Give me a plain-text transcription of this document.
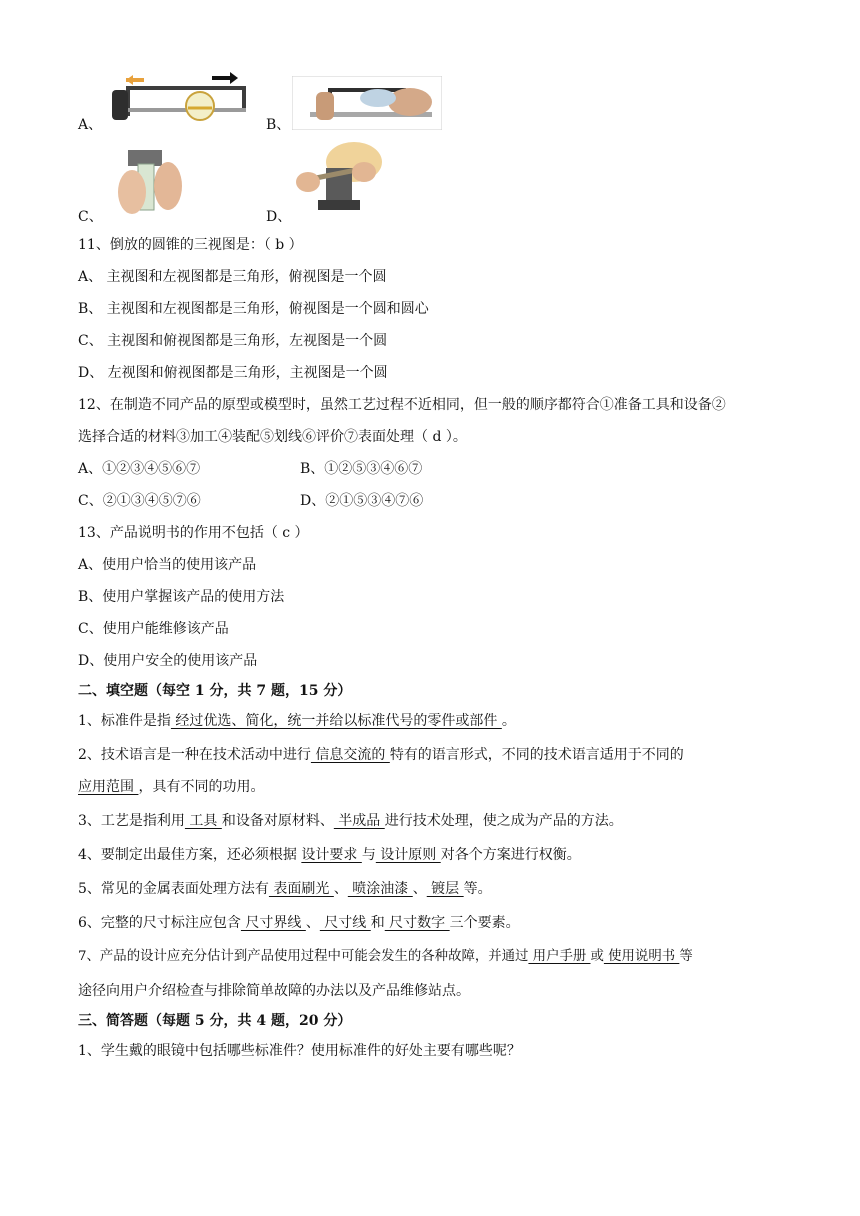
A、	B、
C、	D、
11、倒放的圆锥的三视图是：（ b ）
A、 主视图和左视图都是三角形，俯视图是一个圆
B、 主视图和左视图都是三角形，俯视图是一个圆和圆心
C、 主视图和俯视图都是三角形，左视图是一个圆
D、 左视图和俯视图都是三角形，主视图是一个圆
12、在制造不同产品的原型或模型时，虽然工艺过程不近相同，但一般的顺序都符合①准备工具和设备②
选择合适的材料③加工④装配⑤划线⑥评价⑦表面处理（ d ）。
A、①②③④⑤⑥⑦	B、①②⑤③④⑥⑦
C、②①③④⑤⑦⑥	D、②①⑤③④⑦⑥
13、产品说明书的作用不包括（ c ）
A、使用户恰当的使用该产品
B、使用户掌握该产品的使用方法
C、使用户能维修该产品
D、使用户安全的使用该产品
二、填空题（每空 1 分，共 7 题，15 分）
1、标准件是指 经过优选、简化，统一并给以标准代号的零件或部件 。
2、技术语言是一种在技术活动中进行 信息交流的 特有的语言形式，不同的技术语言适用于不同的
应用范围 ，具有不同的功用。
3、工艺是指利用 工具 和设备对原材料、 半成品 进行技术处理，使之成为产品的方法。
4、要制定出最佳方案，还必须根据 设计要求 与 设计原则 对各个方案进行权衡。
5、常见的金属表面处理方法有 表面刷光 、 喷涂油漆 、 镀层 等。
6、完整的尺寸标注应包含 尺寸界线 、 尺寸线 和 尺寸数字 三个要素。
7、产品的设计应充分估计到产品使用过程中可能会发生的各种故障，并通过 用户手册 或 使用说明书 等
途径向用户介绍检查与排除简单故障的办法以及产品维修站点。
三、简答题（每题 5 分，共 4 题，20 分）
1、学生戴的眼镜中包括哪些标准件？使用标准件的好处主要有哪些呢？
